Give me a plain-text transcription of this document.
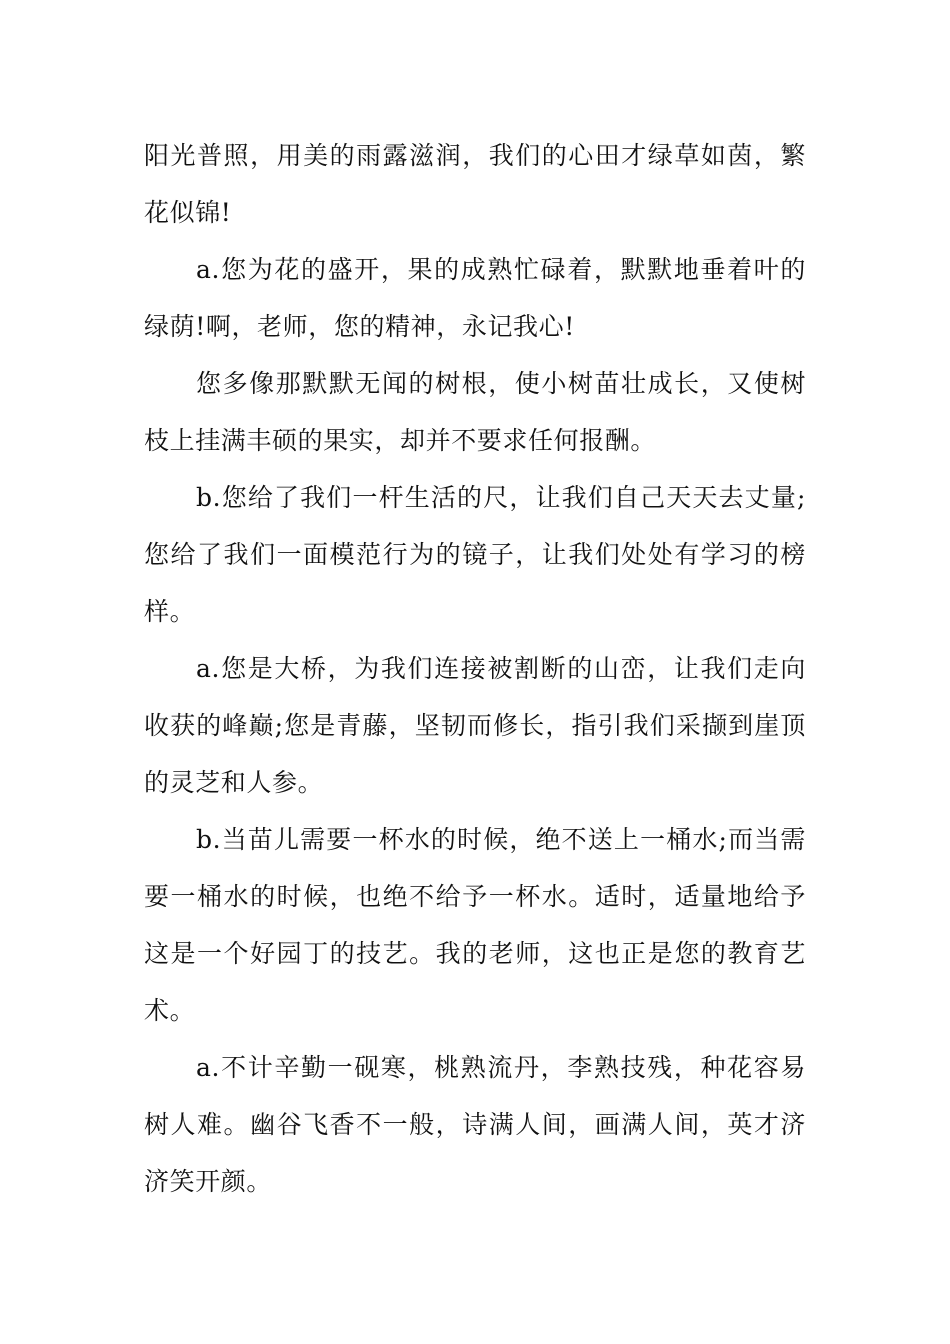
阳光普照，用美的雨露滋润，我们的心田才绿草如茵，繁花似锦!

a.您为花的盛开，果的成熟忙碌着，默默地垂着叶的绿荫!啊，老师，您的精神，永记我心!

您多像那默默无闻的树根，使小树苗壮成长，又使树枝上挂满丰硕的果实，却并不要求任何报酬。

b.您给了我们一杆生活的尺，让我们自己天天去丈量;您给了我们一面模范行为的镜子，让我们处处有学习的榜样。

a.您是大桥，为我们连接被割断的山峦，让我们走向收获的峰巅;您是青藤，坚韧而修长，指引我们采撷到崖顶的灵芝和人参。

b.当苗儿需要一杯水的时候，绝不送上一桶水;而当需要一桶水的时候，也绝不给予一杯水。适时，适量地给予这是一个好园丁的技艺。我的老师，这也正是您的教育艺术。

a.不计辛勤一砚寒，桃熟流丹，李熟技残，种花容易树人难。幽谷飞香不一般，诗满人间，画满人间，英才济济笑开颜。
